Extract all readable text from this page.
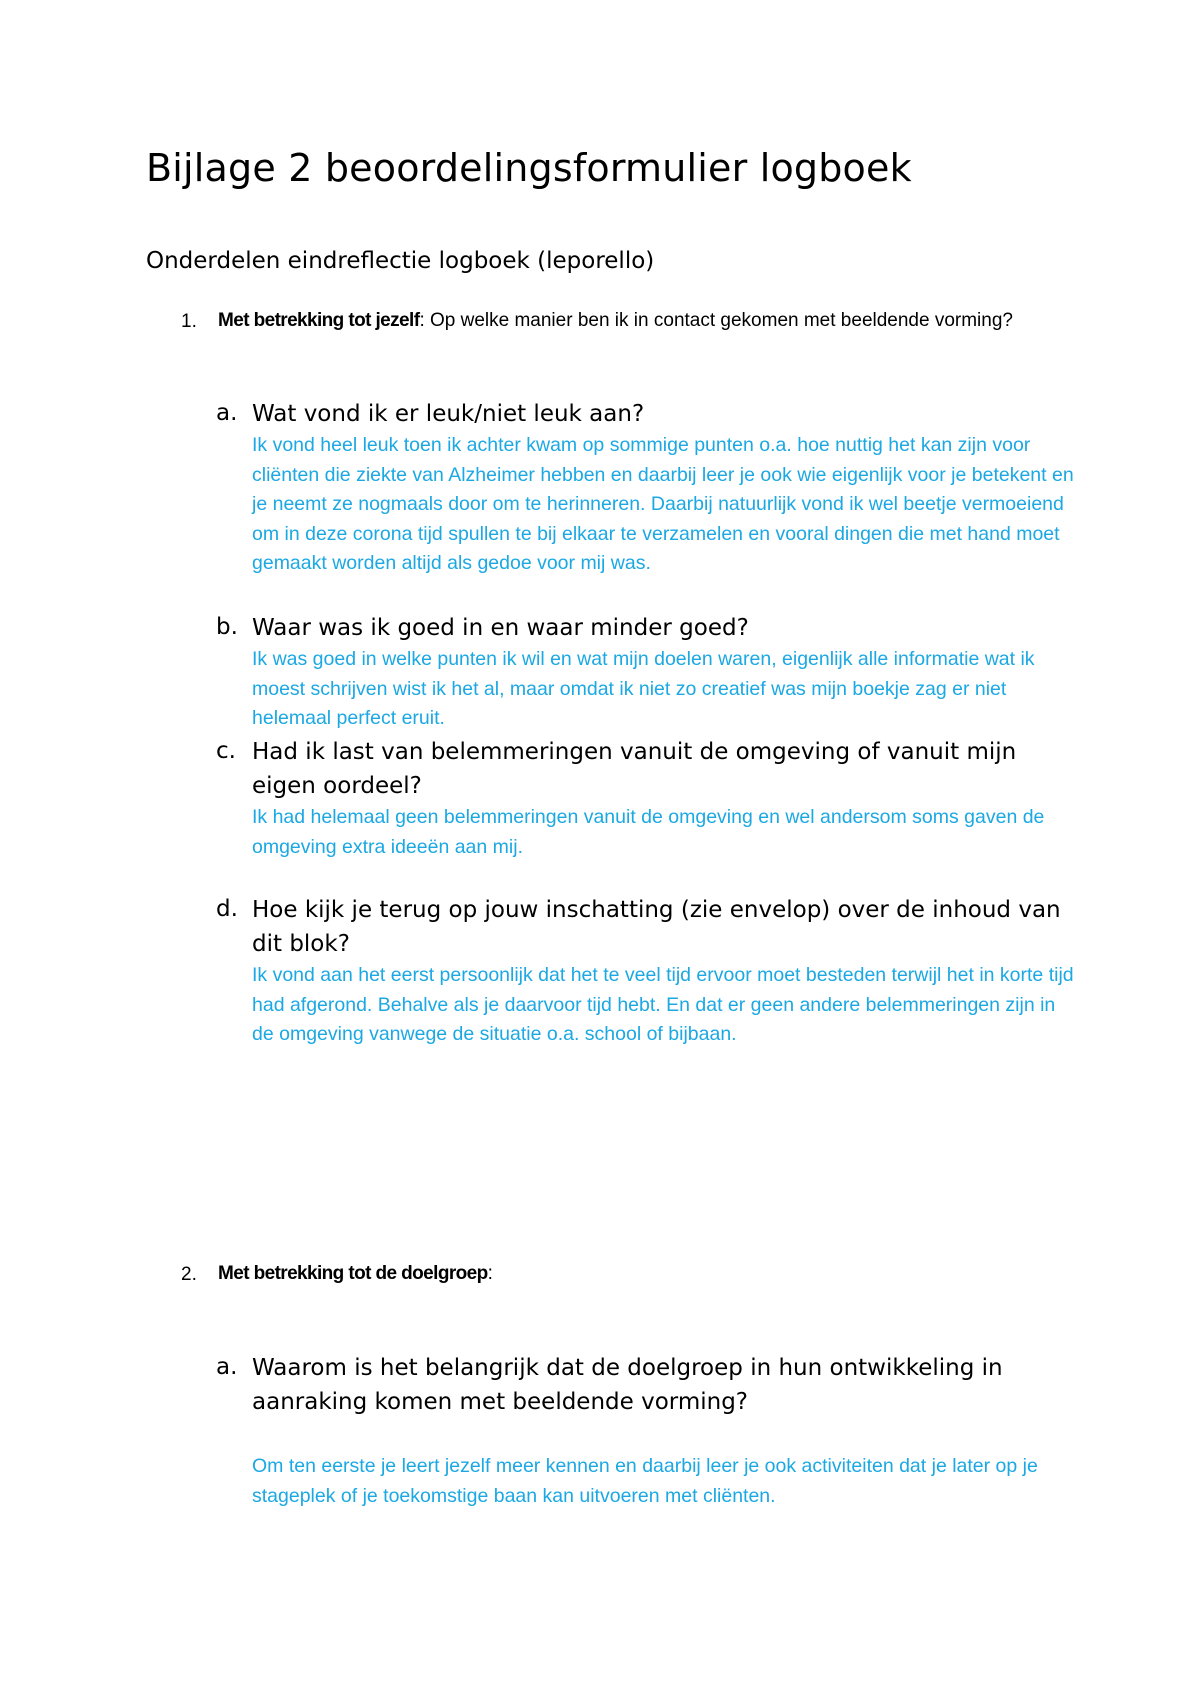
Bijlage 2 beoordelingsformulier logboek
Onderdelen eindreflectie logboek (leporello)
1. Met betrekking tot jezelf: Op welke manier ben ik in contact gekomen met beeldende vorming?
a. Wat vond ik er leuk/niet leuk aan?
Ik vond heel leuk toen ik achter kwam op sommige punten o.a. hoe nuttig het kan zijn voor cliënten die ziekte van Alzheimer hebben en daarbij leer je ook wie eigenlijk voor je betekent en je neemt ze nogmaals door om te herinneren. Daarbij natuurlijk vond ik wel beetje vermoeiend om in deze corona tijd spullen te bij elkaar te verzamelen en vooral dingen die met hand moet gemaakt worden altijd als gedoe voor mij was.
b. Waar was ik goed in en waar minder goed?
Ik was goed in welke punten ik wil en wat mijn doelen waren, eigenlijk alle informatie wat ik moest schrijven wist ik het al, maar omdat ik niet zo creatief was mijn boekje zag er niet helemaal perfect eruit.
c. Had ik last van belemmeringen vanuit de omgeving of vanuit mijn eigen oordeel?
Ik had helemaal geen belemmeringen vanuit de omgeving en wel andersom soms gaven de omgeving extra ideeën aan mij.
d. Hoe kijk je terug op jouw inschatting (zie envelop) over de inhoud van dit blok?
Ik vond aan het eerst persoonlijk dat het te veel tijd ervoor moet besteden terwijl het in korte tijd had afgerond. Behalve als je daarvoor tijd hebt. En dat er geen andere belemmeringen zijn in de omgeving vanwege de situatie o.a. school of bijbaan.
2. Met betrekking tot de doelgroep:
a. Waarom is het belangrijk dat de doelgroep in hun ontwikkeling in aanraking komen met beeldende vorming?
Om ten eerste je leert jezelf meer kennen en daarbij leer je ook activiteiten dat je later op je stageplek of je toekomstige baan kan uitvoeren met cliënten.
